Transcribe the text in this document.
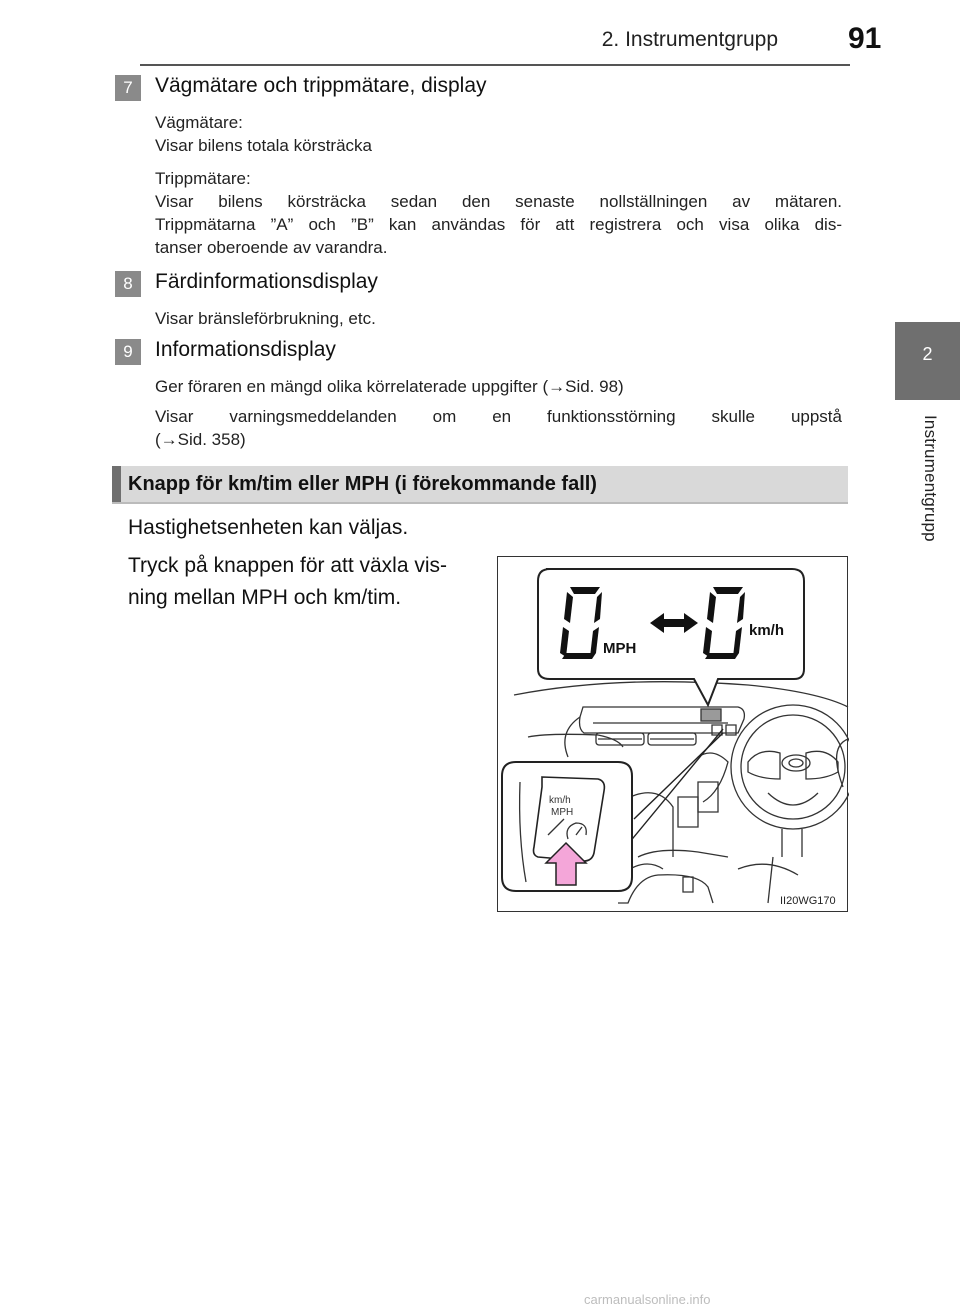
2. Instrumentgrupp 91
2
Instrumentgrupp
7	Vägmätare och trippmätare, display
Vägmätare:
Visar bilens totala körsträcka
Trippmätare:
Visar bilens körsträcka sedan den senaste nollställningen av mätaren.
Trippmätarna ”A” och ”B” kan användas för att registrera och visa olika dis-
tanser oberoende av varandra.
8	Färdinformationsdisplay
Visar bränsleförbrukning, etc.
9	Informationsdisplay
Ger föraren en mängd olika körrelaterade uppgifter (→Sid. 98)
Visar varningsmeddelanden om en funktionsstörning skulle uppstå
(→Sid. 358)
Knapp för km/tim eller MPH (i förekommande fall)
Hastighetsenheten kan väljas.
Tryck på knappen för att växla vis-
ning mellan MPH och km/tim.
MPH
km/h
km/h
MPH
II20WG170
carmanualsonline.info
